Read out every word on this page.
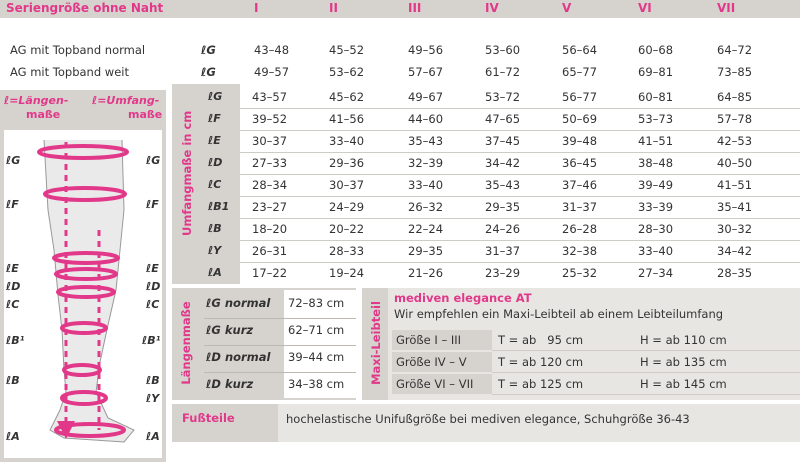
Seriengröße ohne Naht	I	II	III	IV	V	VI	VII
AG mit Topband normal	ℓG	43–48	45–52	49–56	53–60	56–64	60–68	64–72
AG mit Topband weit	ℓG	49–57	53–62	57–67	61–72	65–77	69–81	73–85
ℓ=Längen-
maße
ℓ=Umfang-
maße
ℓG
ℓF
ℓE
ℓD
ℓC
ℓB¹
ℓB
ℓA
ℓG
ℓF
ℓE
ℓD
ℓC
ℓB¹
ℓB
ℓY
ℓA
Umfangmaße in cm
ℓG	43–57	45–62	49–67	53–72	56–77	60–81	64–85
ℓF	39–52	41–56	44–60	47–65	50–69	53–73	57–78
ℓE	30–37	33–40	35–43	37–45	39–48	41–51	42–53
ℓD	27–33	29–36	32–39	34–42	36–45	38–48	40–50
ℓC	28–34	30–37	33–40	35–43	37–46	39–49	41–51
ℓB1 23–27	24–29	26–32	29–35	31–37	33–39	35–41
ℓB	18–20	20–22	22–24	24–26	26–28	28–30	30–32
ℓY	26–31	28–33	29–35	31–37	32–38	33–40	34–42
ℓA	17–22	19–24	21–26	23–29	25–32	27–34	28–35
Längenmaße ℓG normal 72–83 cm
ℓG kurz	62–71 cm
ℓD normal 39–44 cm
ℓD kurz	34–38 cm Maxi-Leibteil
mediven elegance AT
Wir empfehlen ein Maxi-Leibteil ab einem Leibteilumfang
Größe I – III	T = ab   95 cm	H = ab 110 cm
Größe IV – V	T = ab 120 cm	H = ab 135 cm
Größe VI – VII T = ab 125 cm	H = ab 145 cm
Fußteile	hochelastische Unifußgröße bei mediven elegance, Schuhgröße 36-43
